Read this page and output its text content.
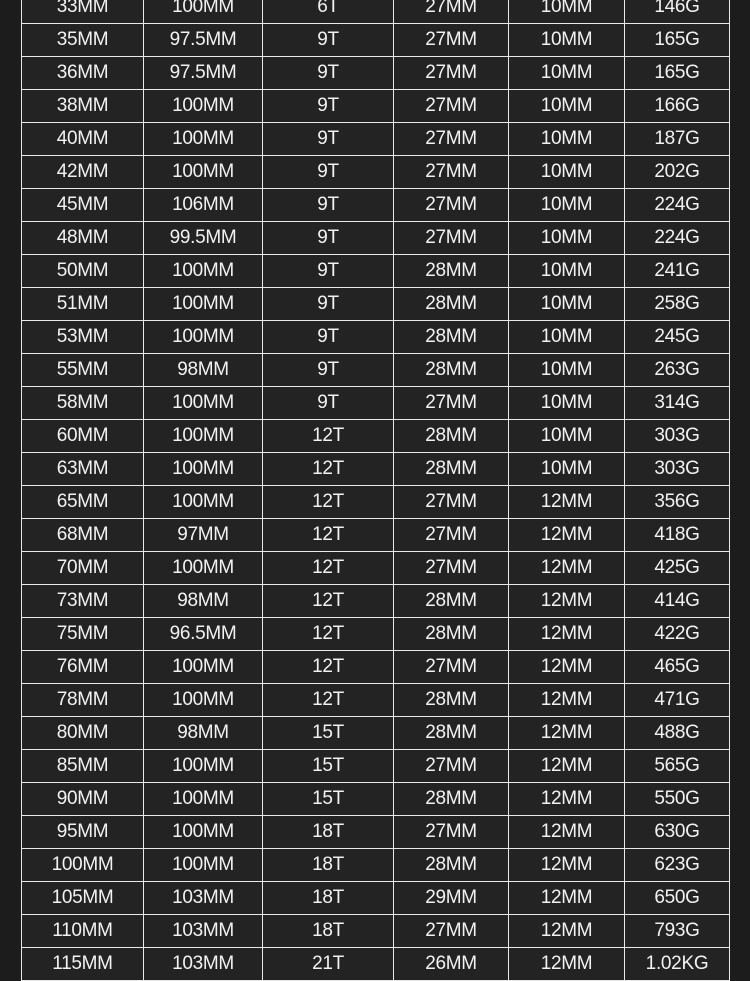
33MM	100MM	6T	27MM	10MM	146G
35MM	97.5MM	9T	27MM	10MM	165G
36MM	97.5MM	9T	27MM	10MM	165G
38MM	100MM	9T	27MM	10MM	166G
40MM	100MM	9T	27MM	10MM	187G
42MM	100MM	9T	27MM	10MM	202G
45MM	106MM	9T	27MM	10MM	224G
48MM	99.5MM	9T	27MM	10MM	224G
50MM	100MM	9T	28MM	10MM	241G
51MM	100MM	9T	28MM	10MM	258G
53MM	100MM	9T	28MM	10MM	245G
55MM	98MM	9T	28MM	10MM	263G
58MM	100MM	9T	27MM	10MM	314G
60MM	100MM	12T	28MM	10MM	303G
63MM	100MM	12T	28MM	10MM	303G
65MM	100MM	12T	27MM	12MM	356G
68MM	97MM	12T	27MM	12MM	418G
70MM	100MM	12T	27MM	12MM	425G
73MM	98MM	12T	28MM	12MM	414G
75MM	96.5MM	12T	28MM	12MM	422G
76MM	100MM	12T	27MM	12MM	465G
78MM	100MM	12T	28MM	12MM	471G
80MM	98MM	15T	28MM	12MM	488G
85MM	100MM	15T	27MM	12MM	565G
90MM	100MM	15T	28MM	12MM	550G
95MM	100MM	18T	27MM	12MM	630G
100MM	100MM	18T	28MM	12MM	623G
105MM	103MM	18T	29MM	12MM	650G
110MM	103MM	18T	27MM	12MM	793G
115MM	103MM	21T	26MM	12MM	1.02KG
